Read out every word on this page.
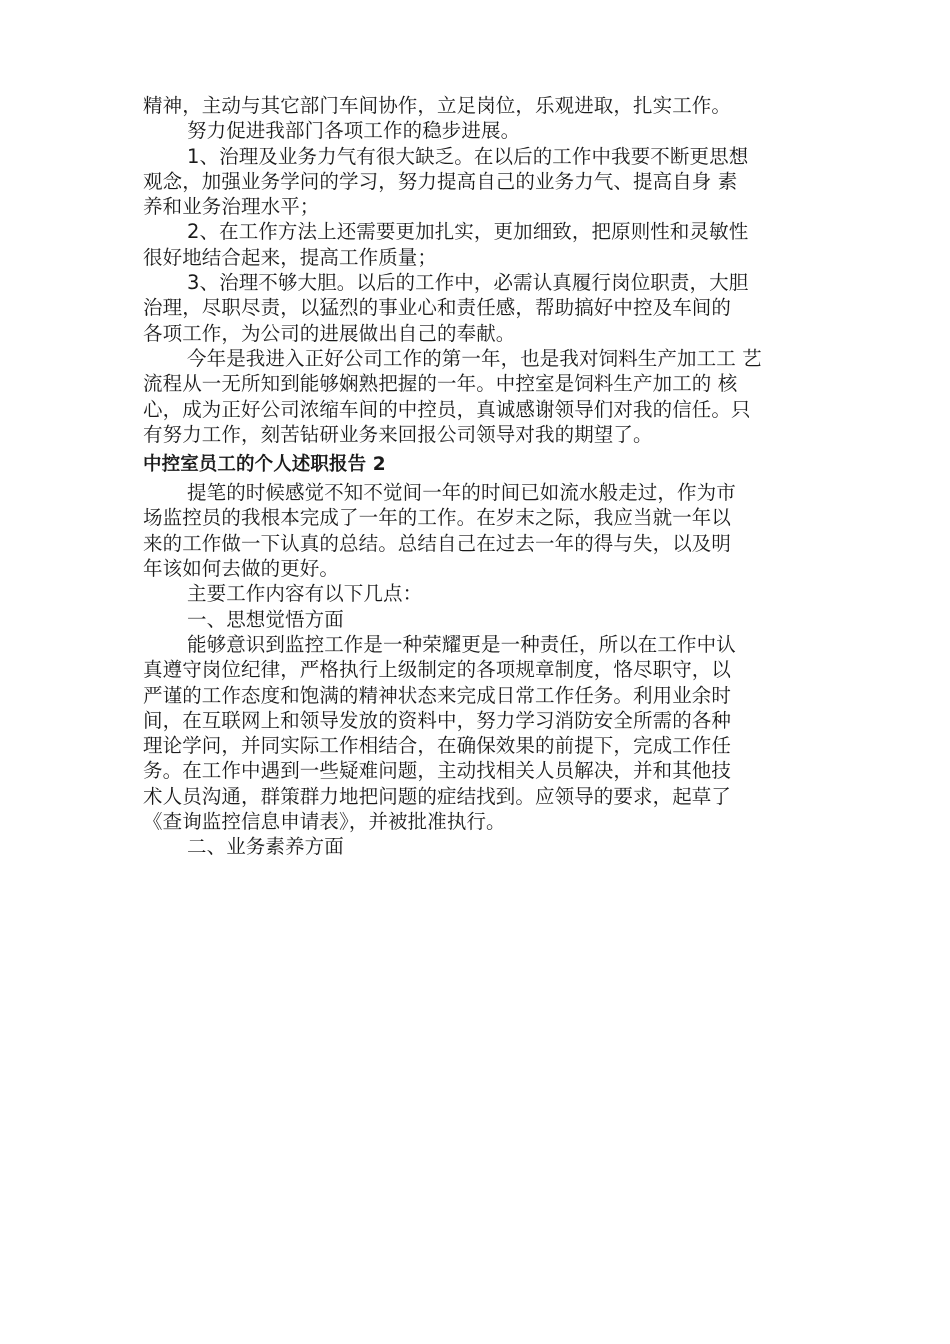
精神，主动与其它部门车间协作，立足岗位，乐观进取，扎实工作。
努力促进我部门各项工作的稳步进展。
1、治理及业务力气有很大缺乏。在以后的工作中我要不断更思想
观念，加强业务学问的学习，努力提高自己的业务力气、提高自身 素
养和业务治理水平；
2、在工作方法上还需要更加扎实，更加细致，把原则性和灵敏性
很好地结合起来，提高工作质量；
3、治理不够大胆。以后的工作中，必需认真履行岗位职责，大胆
治理，尽职尽责，以猛烈的事业心和责任感，帮助搞好中控及车间的
各项工作，为公司的进展做出自己的奉献。
今年是我进入正好公司工作的第一年，也是我对饲料生产加工工 艺
流程从一无所知到能够娴熟把握的一年。中控室是饲料生产加工的 核
心，成为正好公司浓缩车间的中控员，真诚感谢领导们对我的信任。只
有努力工作，刻苦钻研业务来回报公司领导对我的期望了。
中控室员工的个人述职报告 2
提笔的时候感觉不知不觉间一年的时间已如流水般走过，作为市
场监控员的我根本完成了一年的工作。在岁末之际，我应当就一年以
来的工作做一下认真的总结。总结自己在过去一年的得与失，以及明
年该如何去做的更好。
主要工作内容有以下几点：
一、思想觉悟方面
能够意识到监控工作是一种荣耀更是一种责任，所以在工作中认
真遵守岗位纪律，严格执行上级制定的各项规章制度，恪尽职守，以
严谨的工作态度和饱满的精神状态来完成日常工作任务。利用业余时
间，在互联网上和领导发放的资料中，努力学习消防安全所需的各种
理论学问，并同实际工作相结合，在确保效果的前提下，完成工作任
务。在工作中遇到一些疑难问题，主动找相关人员解决，并和其他技
术人员沟通，群策群力地把问题的症结找到。应领导的要求，起草了
《查询监控信息申请表》，并被批准执行。
二、业务素养方面
